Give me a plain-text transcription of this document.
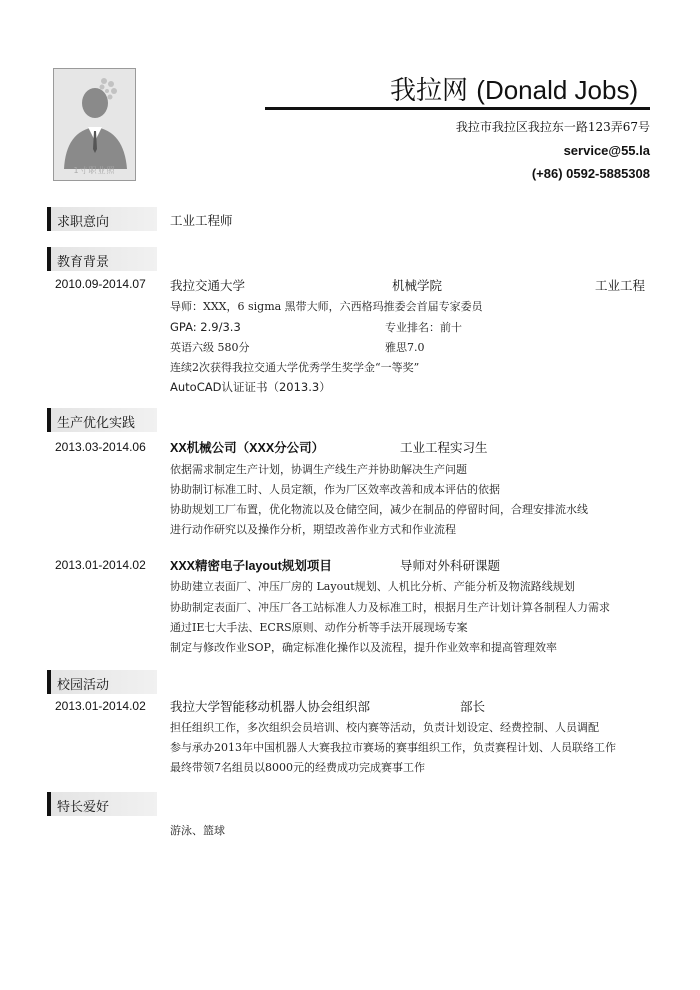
1寸职业照
我拉网 (Donald Jobs)
我拉市我拉区我拉东一路123弄67号
service@55.la
(+86) 0592-5885308
求职意向	工业工程师
教育背景
2010.09-2014.07 我拉交通大学	机械学院	工业工程
导师：XXX，6 sigma 黑带大师，六西格玛推委会首届专家委员
GPA: 2.9/3.3	专业排名：前十
英语六级 580分	雅思7.0
连续2次获得我拉交通大学优秀学生奖学金“一等奖”
AutoCAD认证证书（2013.3）
生产优化实践
2013.03-2014.06 XX机械公司（XXX分公司）	工业工程实习生
依据需求制定生产计划，协调生产线生产并协助解决生产问题
协助制订标准工时、人员定额，作为厂区效率改善和成本评估的依据
协助规划工厂布置，优化物流以及仓储空间，减少在制品的停留时间，合理安排流水线
进行动作研究以及操作分析，期望改善作业方式和作业流程
2013.01-2014.02 XXX精密电子layout规划项目	导师对外科研课题
协助建立表面厂、冲压厂房的 Layout规划、人机比分析、产能分析及物流路线规划
协助制定表面厂、冲压厂各工站标准人力及标准工时，根据月生产计划计算各制程人力需求
通过IE七大手法、ECRS原则、动作分析等手法开展现场专案
制定与修改作业SOP，确定标准化操作以及流程，提升作业效率和提高管理效率
校园活动
2013.01-2014.02 我拉大学智能移动机器人协会组织部	部长
担任组织工作，多次组织会员培训、校内赛等活动，负责计划设定、经费控制、人员调配
参与承办2013年中国机器人大赛我拉市赛场的赛事组织工作，负责赛程计划、人员联络工作
最终带领7名组员以8000元的经费成功完成赛事工作
特长爱好
游泳、篮球
